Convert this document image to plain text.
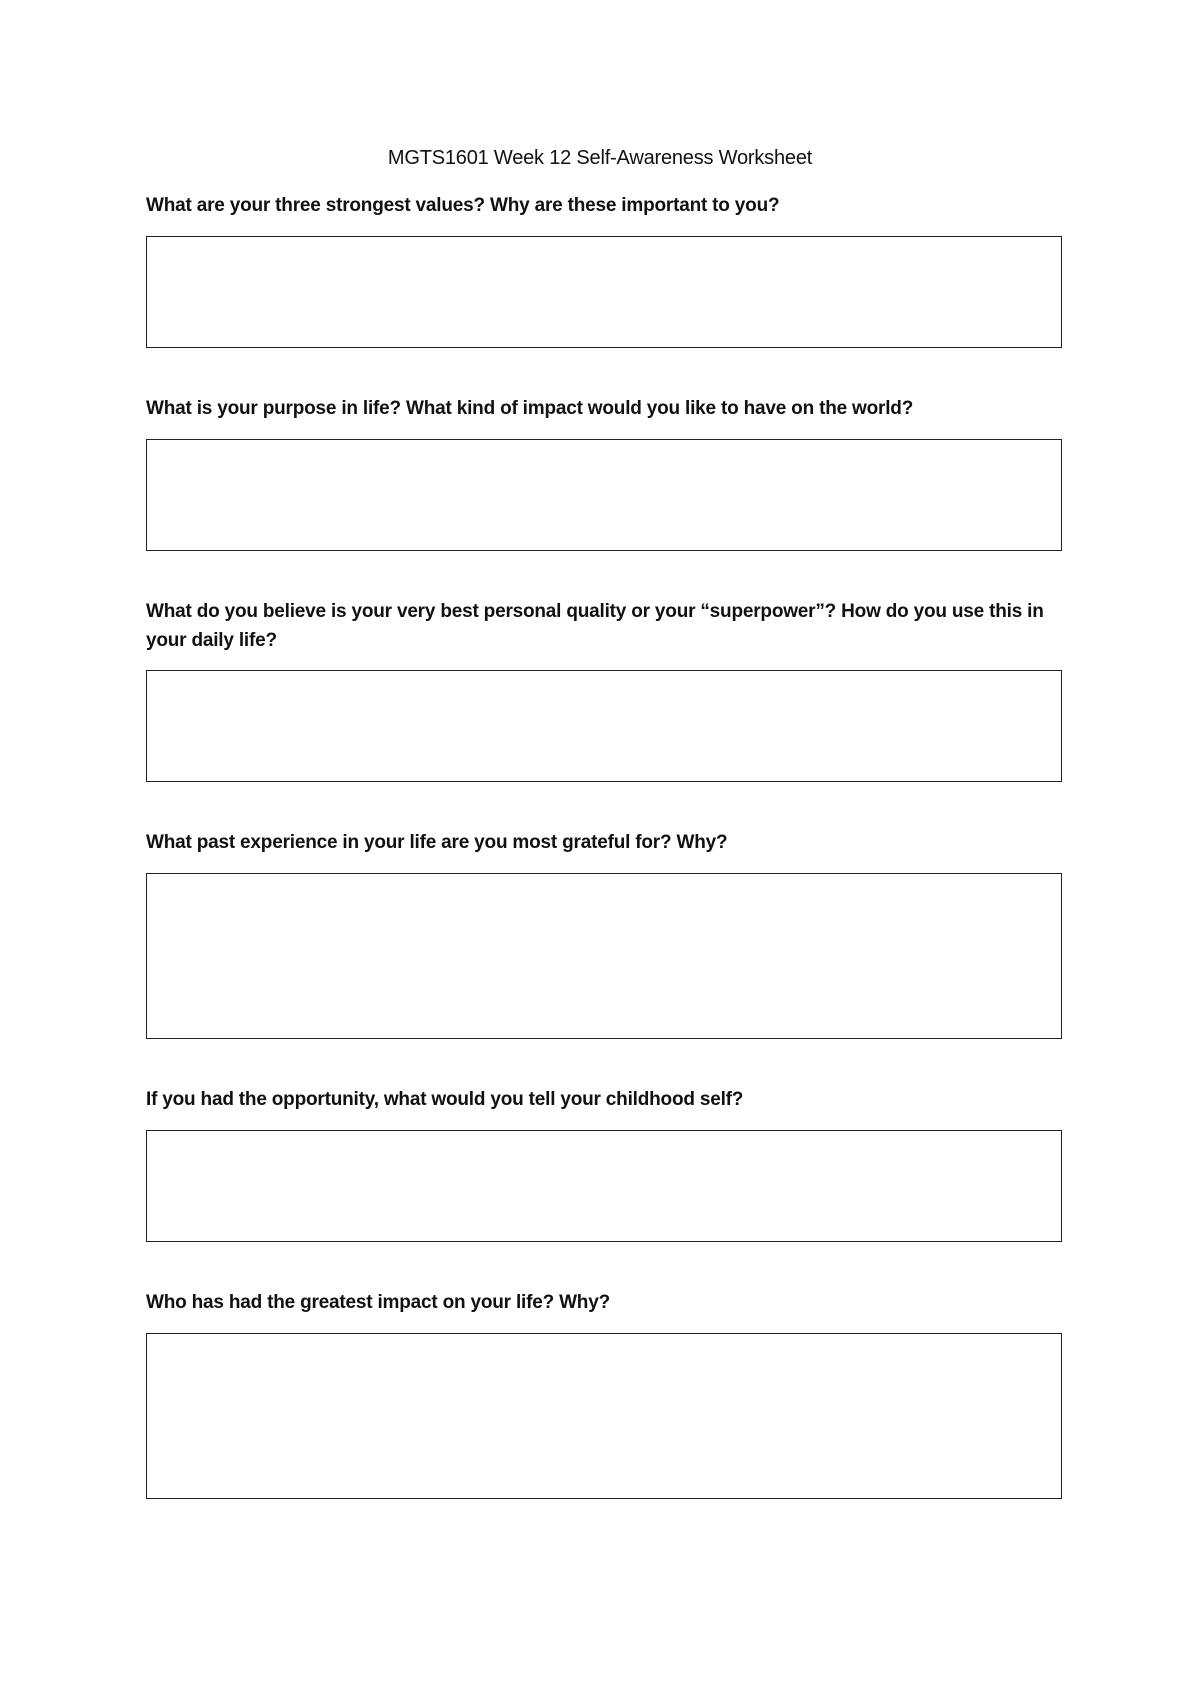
MGTS1601 Week 12 Self-Awareness Worksheet
What are your three strongest values? Why are these important to you?
What is your purpose in life? What kind of impact would you like to have on the world?
What do you believe is your very best personal quality or your “superpower”? How do you use this in your daily life?
What past experience in your life are you most grateful for? Why?
If you had the opportunity, what would you tell your childhood self?
Who has had the greatest impact on your life? Why?
